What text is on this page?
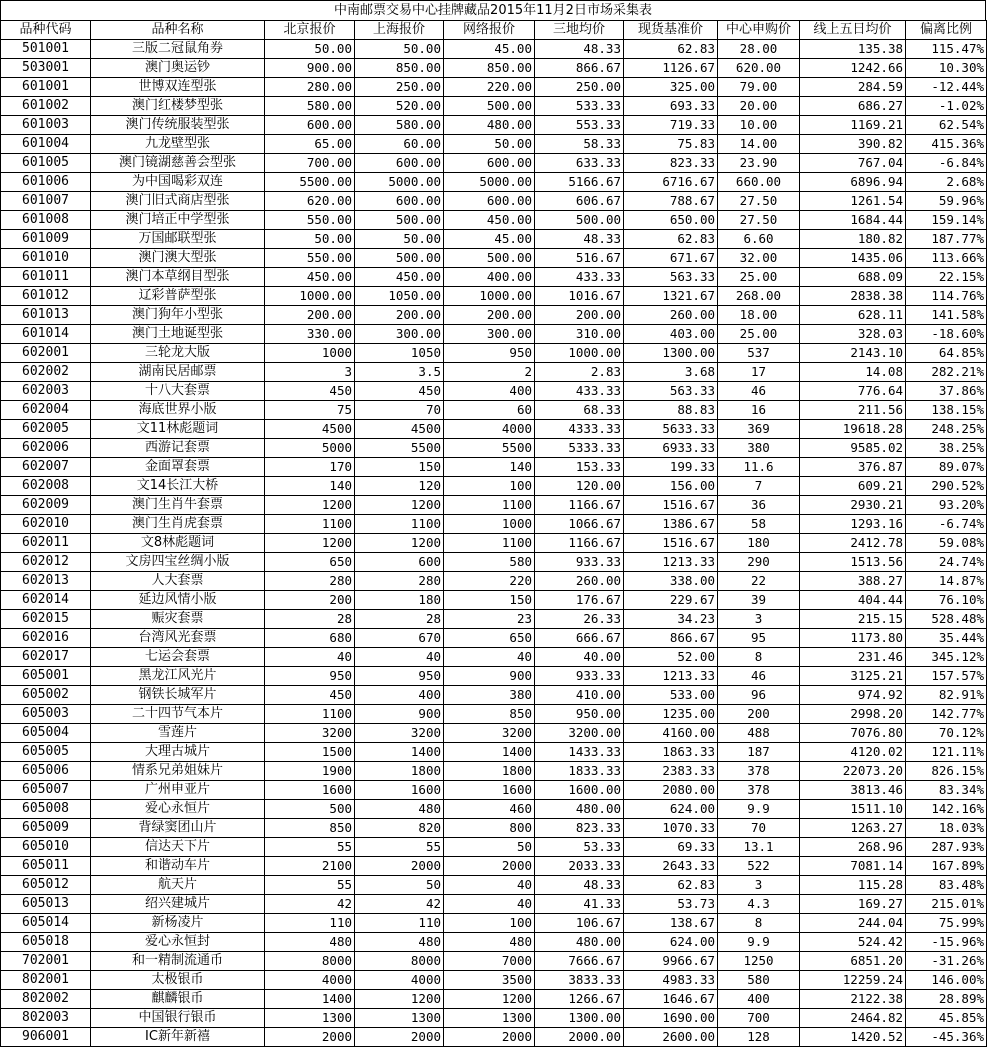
中南邮票交易中心挂牌藏品2015年11月2日市场采集表
品种代码	品种名称	北京报价	上海报价	网络报价	三地均价	现货基准价	中心申购价	线上五日均价	偏离比例
501001	三版二冠鼠角券	50.00	50.00	45.00	48.33	62.83	28.00	135.38	115.47%
503001	澳门奥运钞	900.00	850.00	850.00	866.67	1126.67	620.00	1242.66	10.30%
601001	世博双连型张	280.00	250.00	220.00	250.00	325.00	79.00	284.59	-12.44%
601002	澳门红楼梦型张	580.00	520.00	500.00	533.33	693.33	20.00	686.27	-1.02%
601003	澳门传统服装型张	600.00	580.00	480.00	553.33	719.33	10.00	1169.21	62.54%
601004	九龙壁型张	65.00	60.00	50.00	58.33	75.83	14.00	390.82	415.36%
601005	澳门镜湖慈善会型张	700.00	600.00	600.00	633.33	823.33	23.90	767.04	-6.84%
601006	为中国喝彩双连	5500.00	5000.00	5000.00	5166.67	6716.67	660.00	6896.94	2.68%
601007	澳门旧式商店型张	620.00	600.00	600.00	606.67	788.67	27.50	1261.54	59.96%
601008	澳门培正中学型张	550.00	500.00	450.00	500.00	650.00	27.50	1684.44	159.14%
601009	万国邮联型张	50.00	50.00	45.00	48.33	62.83	6.60	180.82	187.77%
601010	澳门澳大型张	550.00	500.00	500.00	516.67	671.67	32.00	1435.06	113.66%
601011	澳门本草纲目型张	450.00	450.00	400.00	433.33	563.33	25.00	688.09	22.15%
601012	辽彩普萨型张	1000.00	1050.00	1000.00	1016.67	1321.67	268.00	2838.38	114.76%
601013	澳门狗年小型张	200.00	200.00	200.00	200.00	260.00	18.00	628.11	141.58%
601014	澳门土地诞型张	330.00	300.00	300.00	310.00	403.00	25.00	328.03	-18.60%
602001	三轮龙大版	1000	1050	950	1000.00	1300.00	537	2143.10	64.85%
602002	湖南民居邮票	3	3.5	2	2.83	3.68	17	14.08	282.21%
602003	十八大套票	450	450	400	433.33	563.33	46	776.64	37.86%
602004	海底世界小版	75	70	60	68.33	88.83	16	211.56	138.15%
602005	文11林彪题词	4500	4500	4000	4333.33	5633.33	369	19618.28	248.25%
602006	西游记套票	5000	5500	5500	5333.33	6933.33	380	9585.02	38.25%
602007	金面罩套票	170	150	140	153.33	199.33	11.6	376.87	89.07%
602008	文14长江大桥	140	120	100	120.00	156.00	7	609.21	290.52%
602009	澳门生肖牛套票	1200	1200	1100	1166.67	1516.67	36	2930.21	93.20%
602010	澳门生肖虎套票	1100	1100	1000	1066.67	1386.67	58	1293.16	-6.74%
602011	文8林彪题词	1200	1200	1100	1166.67	1516.67	180	2412.78	59.08%
602012	文房四宝丝绸小版	650	600	580	933.33	1213.33	290	1513.56	24.74%
602013	人大套票	280	280	220	260.00	338.00	22	388.27	14.87%
602014	延边风情小版	200	180	150	176.67	229.67	39	404.44	76.10%
602015	赈灾套票	28	28	23	26.33	34.23	3	215.15	528.48%
602016	台湾风光套票	680	670	650	666.67	866.67	95	1173.80	35.44%
602017	七运会套票	40	40	40	40.00	52.00	8	231.46	345.12%
605001	黑龙江风光片	950	950	900	933.33	1213.33	46	3125.21	157.57%
605002	钢铁长城军片	450	400	380	410.00	533.00	96	974.92	82.91%
605003	二十四节气本片	1100	900	850	950.00	1235.00	200	2998.20	142.77%
605004	雪莲片	3200	3200	3200	3200.00	4160.00	488	7076.80	70.12%
605005	大理古城片	1500	1400	1400	1433.33	1863.33	187	4120.02	121.11%
605006	情系兄弟姐妹片	1900	1800	1800	1833.33	2383.33	378	22073.20	826.15%
605007	广州申亚片	1600	1600	1600	1600.00	2080.00	378	3813.46	83.34%
605008	爱心永恒片	500	480	460	480.00	624.00	9.9	1511.10	142.16%
605009	背绿窦团山片	850	820	800	823.33	1070.33	70	1263.27	18.03%
605010	信达天下片	55	55	50	53.33	69.33	13.1	268.96	287.93%
605011	和谐动车片	2100	2000	2000	2033.33	2643.33	522	7081.14	167.89%
605012	航天片	55	50	40	48.33	62.83	3	115.28	83.48%
605013	绍兴建城片	42	42	40	41.33	53.73	4.3	169.27	215.01%
605014	新杨凌片	110	110	100	106.67	138.67	8	244.04	75.99%
605018	爱心永恒封	480	480	480	480.00	624.00	9.9	524.42	-15.96%
702001	和一精制流通币	8000	8000	7000	7666.67	9966.67	1250	6851.20	-31.26%
802001	太极银币	4000	4000	3500	3833.33	4983.33	580	12259.24	146.00%
802002	麒麟银币	1400	1200	1200	1266.67	1646.67	400	2122.38	28.89%
802003	中国银行银币	1300	1300	1300	1300.00	1690.00	700	2464.82	45.85%
906001	IC新年新禧	2000	2000	2000	2000.00	2600.00	128	1420.52	-45.36%
